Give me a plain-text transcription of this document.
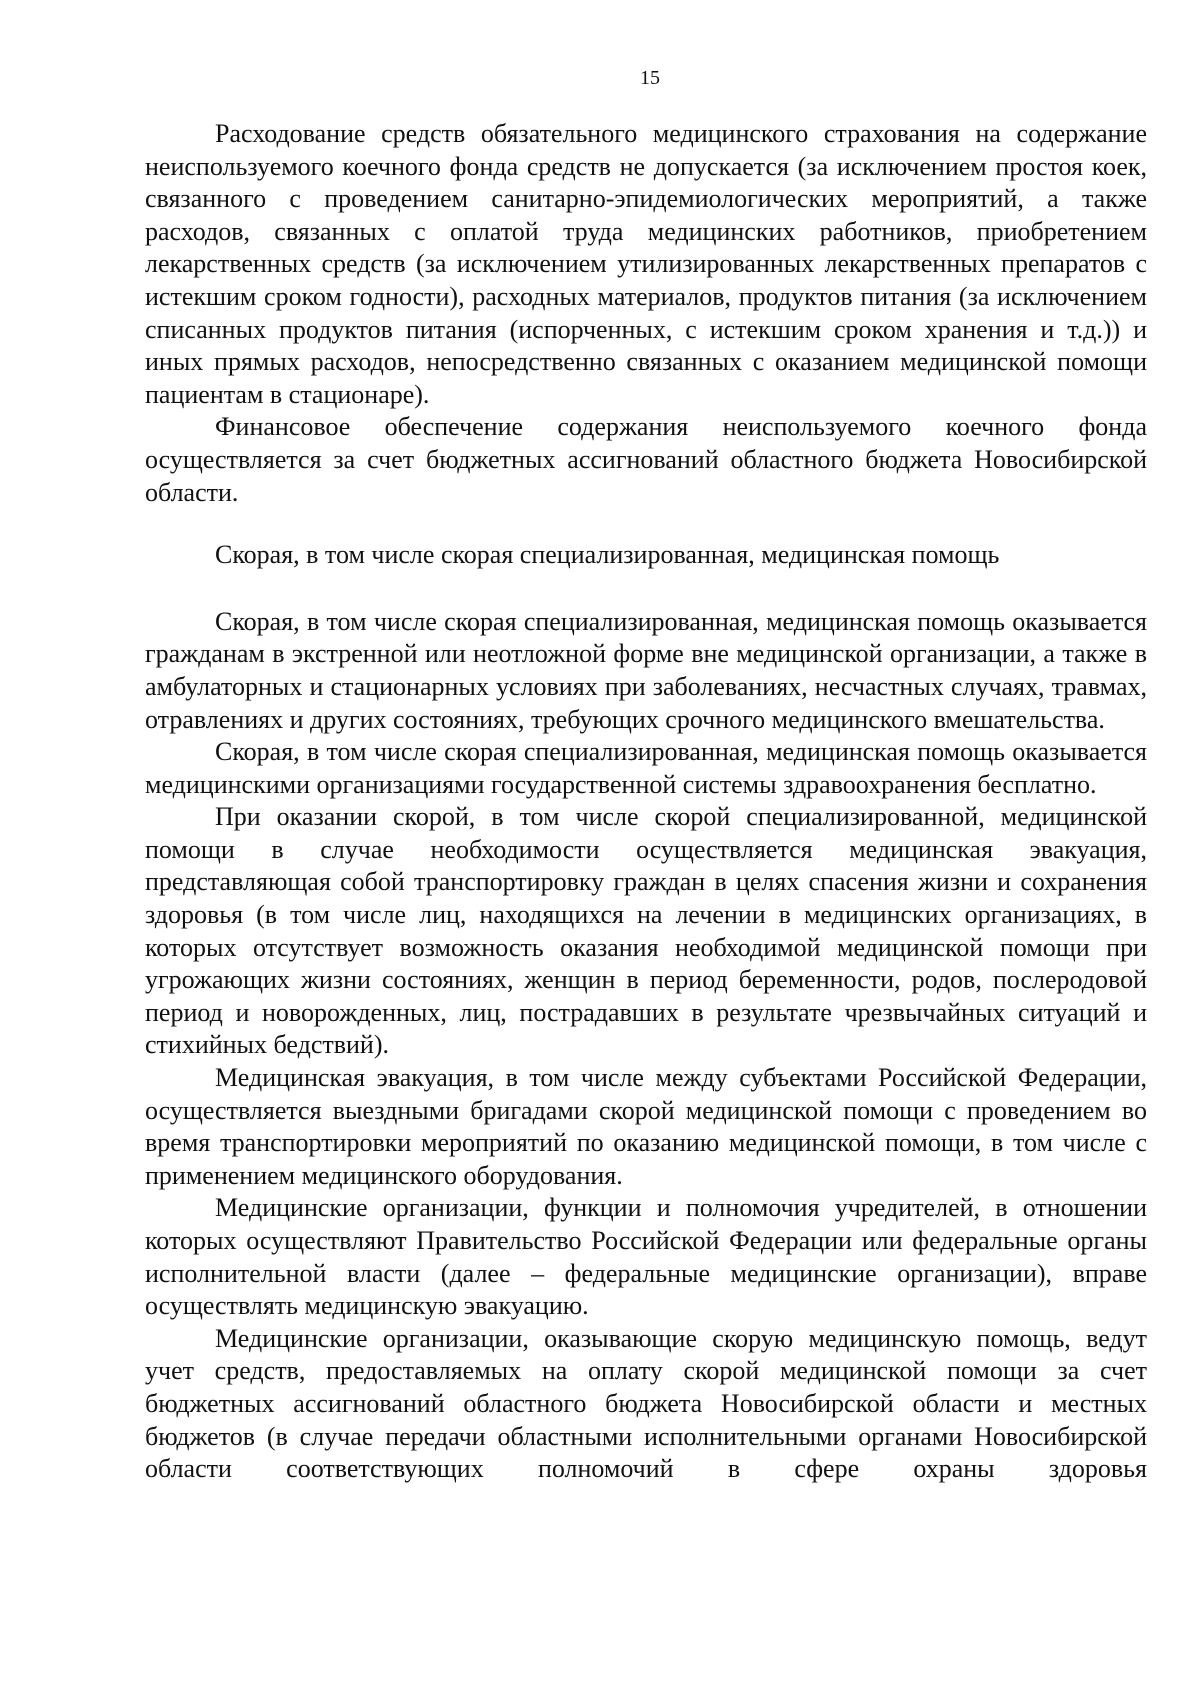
15

Расходование средств обязательного медицинского страхования на содержание неиспользуемого коечного фонда средств не допускается (за исключением простоя коек, связанного с проведением санитарно-эпидемиологических мероприятий, а также расходов, связанных с оплатой труда медицинских работников, приобретением лекарственных средств (за исключением утилизированных лекарственных препаратов с истекшим сроком годности), расходных материалов, продуктов питания (за исключением списанных продуктов питания (испорченных, с истекшим сроком хранения и т.д.)) и иных прямых расходов, непосредственно связанных с оказанием медицинской помощи пациентам в стационаре).

Финансовое обеспечение содержания неиспользуемого коечного фонда осуществляется за счет бюджетных ассигнований областного бюджета Новосибирской области.

Скорая, в том числе скорая специализированная, медицинская помощь

Скорая, в том числе скорая специализированная, медицинская помощь оказывается гражданам в экстренной или неотложной форме вне медицинской организации, а также в амбулаторных и стационарных условиях при заболеваниях, несчастных случаях, травмах, отравлениях и других состояниях, требующих срочного медицинского вмешательства.

Скорая, в том числе скорая специализированная, медицинская помощь оказывается медицинскими организациями государственной системы здравоохранения бесплатно.

При оказании скорой, в том числе скорой специализированной, медицинской помощи в случае необходимости осуществляется медицинская эвакуация, представляющая собой транспортировку граждан в целях спасения жизни и сохранения здоровья (в том числе лиц, находящихся на лечении в медицинских организациях, в которых отсутствует возможность оказания необходимой медицинской помощи при угрожающих жизни состояниях, женщин в период беременности, родов, послеродовой период и новорожденных, лиц, пострадавших в результате чрезвычайных ситуаций и стихийных бедствий).

Медицинская эвакуация, в том числе между субъектами Российской Федерации, осуществляется выездными бригадами скорой медицинской помощи с проведением во время транспортировки мероприятий по оказанию медицинской помощи, в том числе с применением медицинского оборудования.

Медицинские организации, функции и полномочия учредителей, в отношении которых осуществляют Правительство Российской Федерации или федеральные органы исполнительной власти (далее – федеральные медицинские организации), вправе осуществлять медицинскую эвакуацию.

Медицинские организации, оказывающие скорую медицинскую помощь, ведут учет средств, предоставляемых на оплату скорой медицинской помощи за счет бюджетных ассигнований областного бюджета Новосибирской области и местных бюджетов (в случае передачи областными исполнительными органами Новосибирской области соответствующих полномочий в сфере охраны здоровья
